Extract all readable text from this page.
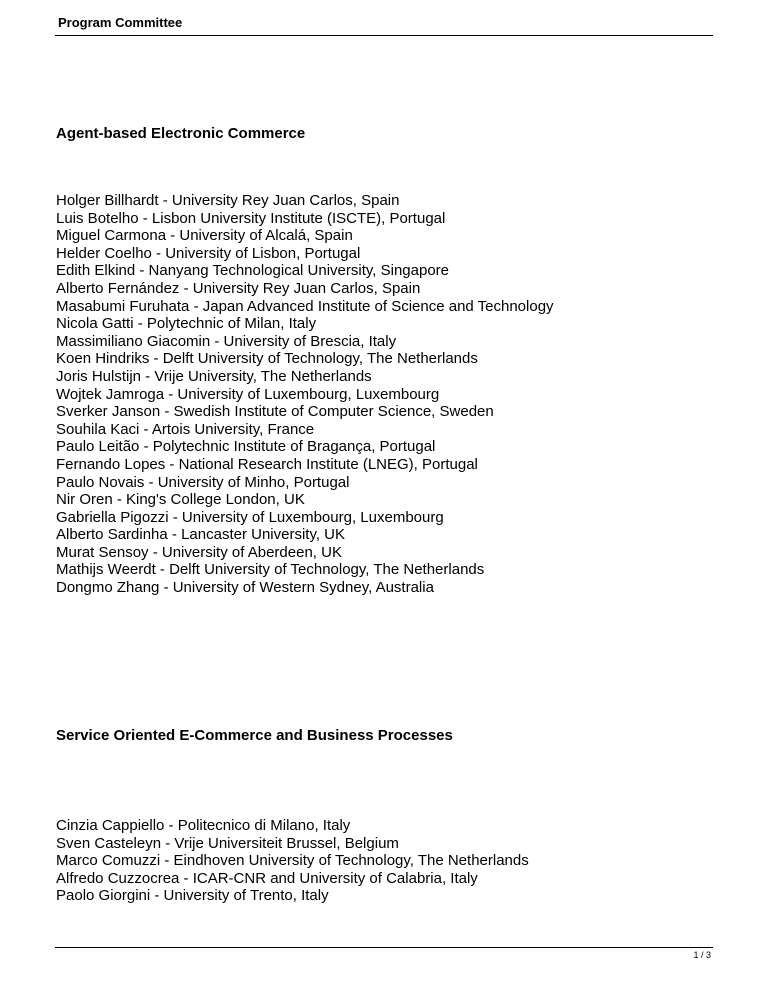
Program Committee
Agent-based Electronic Commerce
Holger Billhardt - University Rey Juan Carlos, Spain
Luis Botelho - Lisbon University Institute (ISCTE), Portugal
Miguel Carmona - University of Alcalá, Spain
Helder Coelho - University of Lisbon, Portugal
Edith Elkind - Nanyang Technological University, Singapore
Alberto Fernández - University Rey Juan Carlos, Spain
Masabumi Furuhata - Japan Advanced Institute of Science and Technology
Nicola Gatti - Polytechnic of Milan, Italy
Massimiliano Giacomin - University of Brescia, Italy
Koen Hindriks - Delft University of Technology, The Netherlands
Joris Hulstijn - Vrije University, The Netherlands
Wojtek Jamroga - University of Luxembourg, Luxembourg
Sverker Janson - Swedish Institute of Computer Science, Sweden
Souhila Kaci - Artois University, France
Paulo Leitão - Polytechnic Institute of Bragança, Portugal
Fernando Lopes - National Research Institute (LNEG), Portugal
Paulo Novais - University of Minho, Portugal
Nir Oren - King's College London, UK
Gabriella Pigozzi - University of Luxembourg, Luxembourg
Alberto Sardinha - Lancaster University, UK
Murat Sensoy - University of Aberdeen, UK
Mathijs Weerdt - Delft University of Technology, The Netherlands
Dongmo Zhang - University of Western Sydney, Australia
Service Oriented E-Commerce and Business Processes
Cinzia Cappiello - Politecnico di Milano, Italy
Sven Casteleyn - Vrije Universiteit Brussel, Belgium
Marco Comuzzi - Eindhoven University of Technology, The Netherlands
Alfredo Cuzzocrea - ICAR-CNR and University of Calabria, Italy
Paolo Giorgini - University of Trento, Italy
1 / 3
